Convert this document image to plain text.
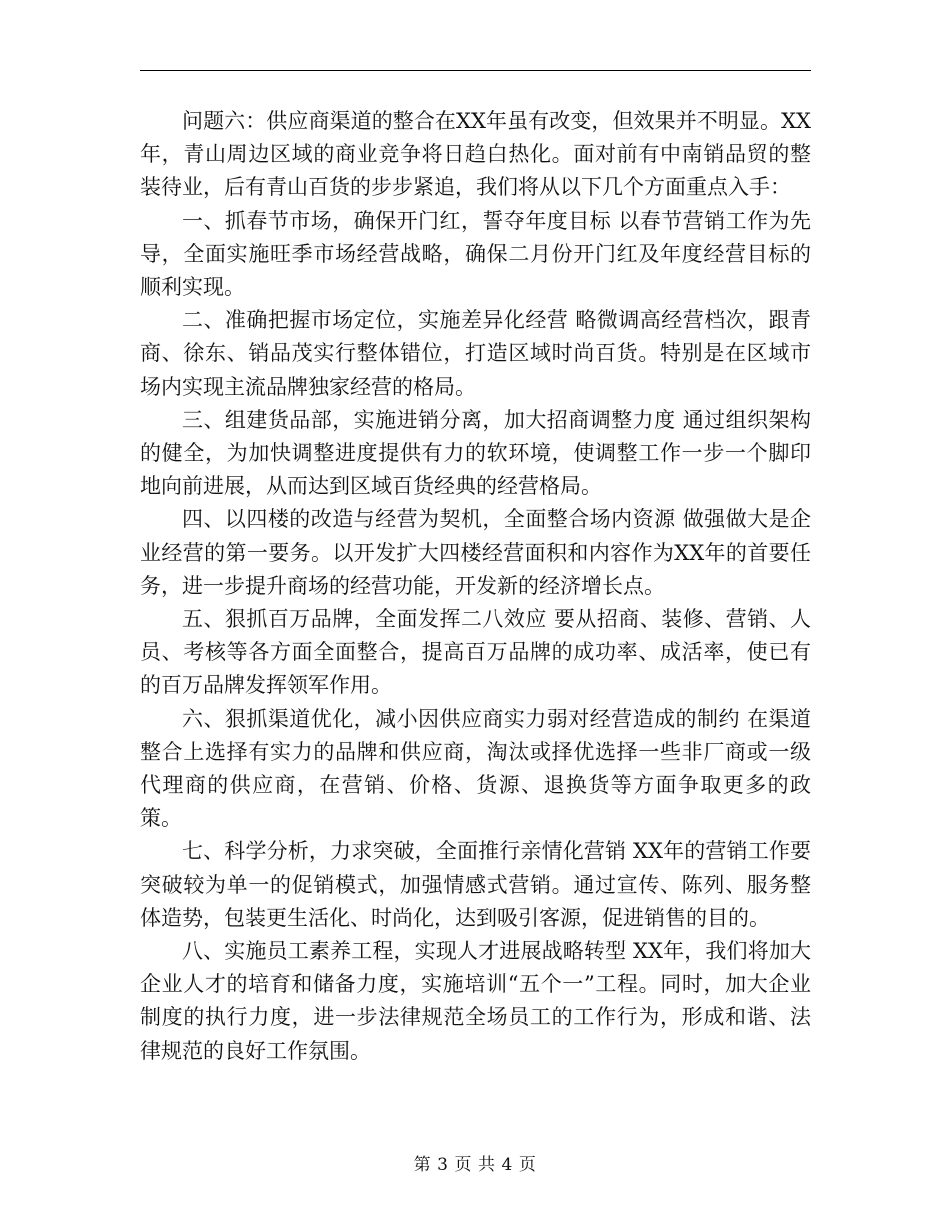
问题六：供应商渠道的整合在XX年虽有改变，但效果并不明显。XX年，青山周边区域的商业竞争将日趋白热化。面对前有中南销品贸的整装待业，后有青山百货的步步紧追，我们将从以下几个方面重点入手：

一、抓春节市场，确保开门红，誓夺年度目标 以春节营销工作为先导，全面实施旺季市场经营战略，确保二月份开门红及年度经营目标的顺利实现。

二、准确把握市场定位，实施差异化经营 略微调高经营档次，跟青商、徐东、销品茂实行整体错位，打造区域时尚百货。特别是在区域市场内实现主流品牌独家经营的格局。

三、组建货品部，实施进销分离，加大招商调整力度 通过组织架构的健全，为加快调整进度提供有力的软环境，使调整工作一步一个脚印地向前进展，从而达到区域百货经典的经营格局。

四、以四楼的改造与经营为契机，全面整合场内资源 做强做大是企业经营的第一要务。以开发扩大四楼经营面积和内容作为XX年的首要任务，进一步提升商场的经营功能，开发新的经济增长点。

五、狠抓百万品牌，全面发挥二八效应 要从招商、装修、营销、人员、考核等各方面全面整合，提高百万品牌的成功率、成活率，使已有的百万品牌发挥领军作用。

六、狠抓渠道优化，减小因供应商实力弱对经营造成的制约 在渠道整合上选择有实力的品牌和供应商，淘汰或择优选择一些非厂商或一级代理商的供应商，在营销、价格、货源、退换货等方面争取更多的政策。

七、科学分析，力求突破，全面推行亲情化营销 XX年的营销工作要突破较为单一的促销模式，加强情感式营销。通过宣传、陈列、服务整体造势，包装更生活化、时尚化，达到吸引客源，促进销售的目的。

八、实施员工素养工程，实现人才进展战略转型 XX年，我们将加大企业人才的培育和储备力度，实施培训“五个一”工程。同时，加大企业制度的执行力度，进一步法律规范全场员工的工作行为，形成和谐、法律规范的良好工作氛围。

第 3 页 共 4 页
